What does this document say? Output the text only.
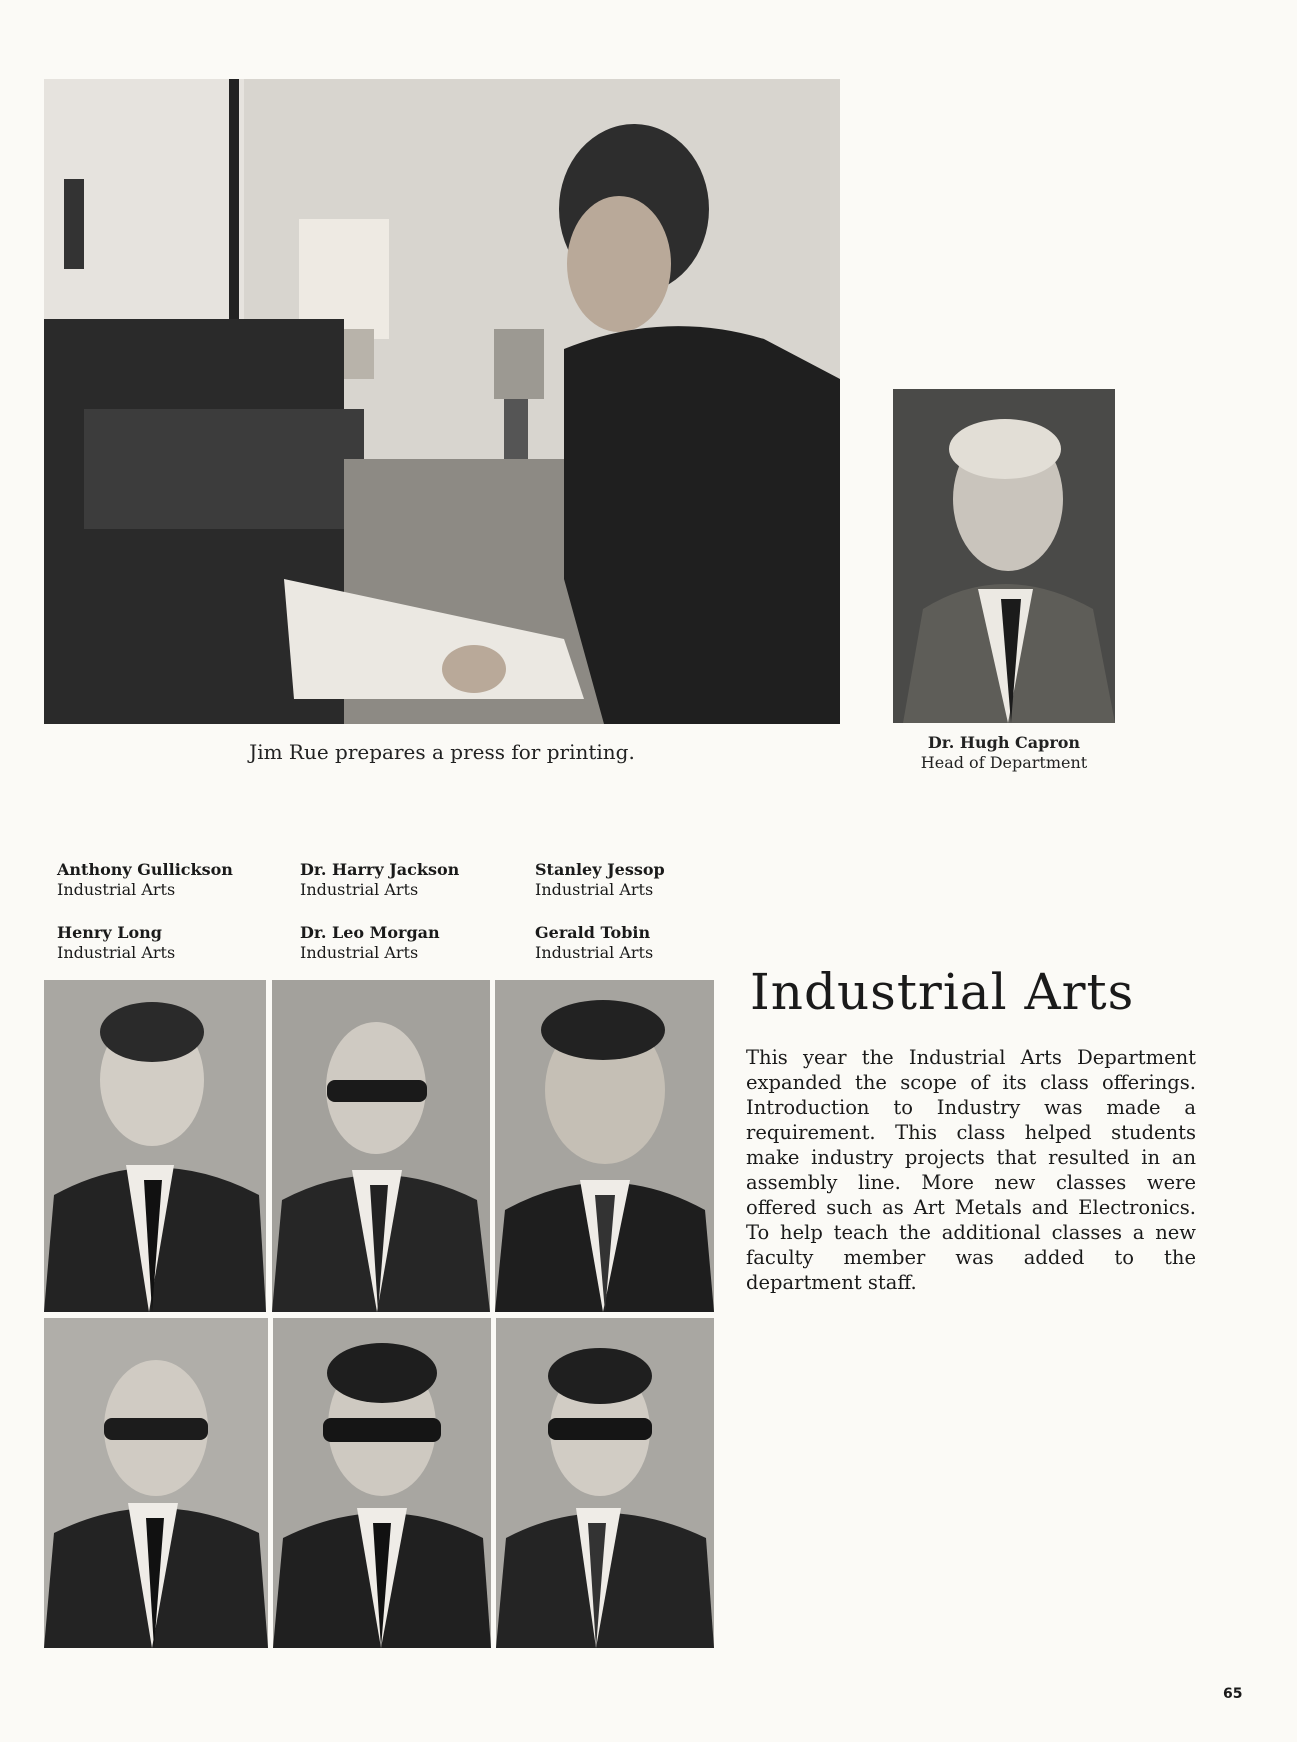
Jim Rue prepares a press for printing.	Dr. Hugh Capron
Head of Department
Anthony Gullickson
Industrial Arts
Dr. Harry Jackson
Industrial Arts
Stanley Jessop
Industrial Arts
Henry Long
Industrial Arts
Dr. Leo Morgan
Industrial Arts
Gerald Tobin
Industrial Arts
Industrial Arts
This year the Industrial Arts Department expanded the scope of its class offerings. Introduction to Industry was made a requirement. This class helped students make industry projects that resulted in an assembly line. More new classes were offered such as Art Metals and Electronics. To help teach the additional classes a new faculty member was added to the department staff.
65
